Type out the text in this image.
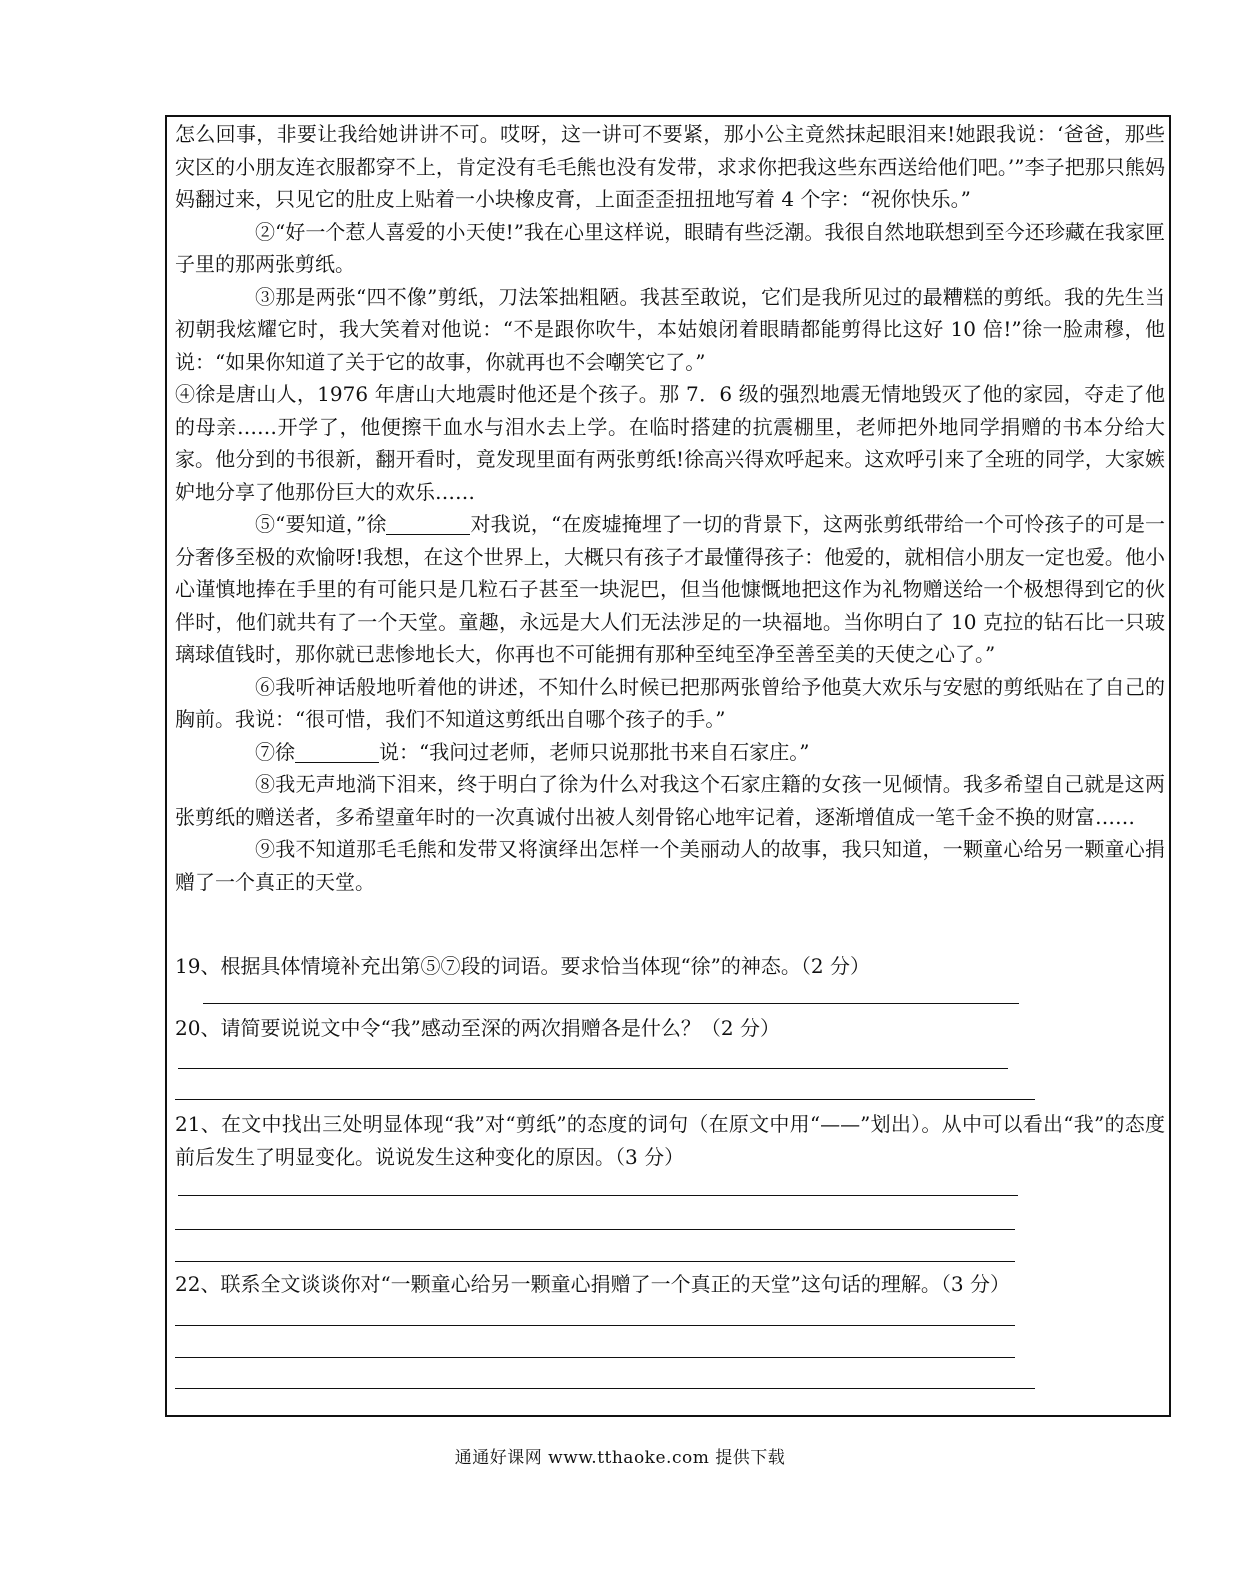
怎么回事，非要让我给她讲讲不可。哎呀，这一讲可不要紧，那小公主竟然抹起眼泪来!她跟我说：‘爸爸，那些灾区的小朋友连衣服都穿不上，肯定没有毛毛熊也没有发带，求求你把我这些东西送给他们吧。’”李子把那只熊妈妈翻过来，只见它的肚皮上贴着一小块橡皮膏，上面歪歪扭扭地写着 4 个字：“祝你快乐。”

②“好一个惹人喜爱的小天使!”我在心里这样说，眼睛有些泛潮。我很自然地联想到至今还珍藏在我家匣子里的那两张剪纸。

③那是两张“四不像”剪纸，刀法笨拙粗陋。我甚至敢说，它们是我所见过的最糟糕的剪纸。我的先生当初朝我炫耀它时，我大笑着对他说：“不是跟你吹牛，本姑娘闭着眼睛都能剪得比这好 10 倍!”徐一脸肃穆，他说：“如果你知道了关于它的故事，你就再也不会嘲笑它了。”

④徐是唐山人，1976 年唐山大地震时他还是个孩子。那 7．6 级的强烈地震无情地毁灭了他的家园，夺走了他的母亲……开学了，他便擦干血水与泪水去上学。在临时搭建的抗震棚里，老师把外地同学捐赠的书本分给大家。他分到的书很新，翻开看时，竟发现里面有两张剪纸!徐高兴得欢呼起来。这欢呼引来了全班的同学，大家嫉妒地分享了他那份巨大的欢乐……

⑤“要知道，”徐	对我说，“在废墟掩埋了一切的背景下，这两张剪纸带给一个可怜孩子的可是一分奢侈至极的欢愉呀!我想，在这个世界上，大概只有孩子才最懂得孩子：他爱的，就相信小朋友一定也爱。他小心谨慎地捧在手里的有可能只是几粒石子甚至一块泥巴，但当他慷慨地把这作为礼物赠送给一个极想得到它的伙伴时，他们就共有了一个天堂。童趣，永远是大人们无法涉足的一块福地。当你明白了 10 克拉的钻石比一只玻璃球值钱时，那你就已悲惨地长大，你再也不可能拥有那种至纯至净至善至美的天使之心了。”

⑥我听神话般地听着他的讲述，不知什么时候已把那两张曾给予他莫大欢乐与安慰的剪纸贴在了自己的胸前。我说：“很可惜，我们不知道这剪纸出自哪个孩子的手。”

⑦徐	说：“我问过老师，老师只说那批书来自石家庄。”

⑧我无声地淌下泪来，终于明白了徐为什么对我这个石家庄籍的女孩一见倾情。我多希望自己就是这两张剪纸的赠送者，多希望童年时的一次真诚付出被人刻骨铭心地牢记着，逐渐增值成一笔千金不换的财富……

⑨我不知道那毛毛熊和发带又将演绎出怎样一个美丽动人的故事，我只知道，一颗童心给另一颗童心捐赠了一个真正的天堂。

19、根据具体情境补充出第⑤⑦段的词语。要求恰当体现“徐”的神态。（2 分）
20、请简要说说文中令“我”感动至深的两次捐赠各是什么？（2 分）
21、在文中找出三处明显体现“我”对“剪纸”的态度的词句（在原文中用“——”划出）。从中可以看出“我”的态度前后发生了明显变化。说说发生这种变化的原因。（3 分）
22、联系全文谈谈你对“一颗童心给另一颗童心捐赠了一个真正的天堂”这句话的理解。（3 分）
通通好课网 www.tthaoke.com 提供下载
